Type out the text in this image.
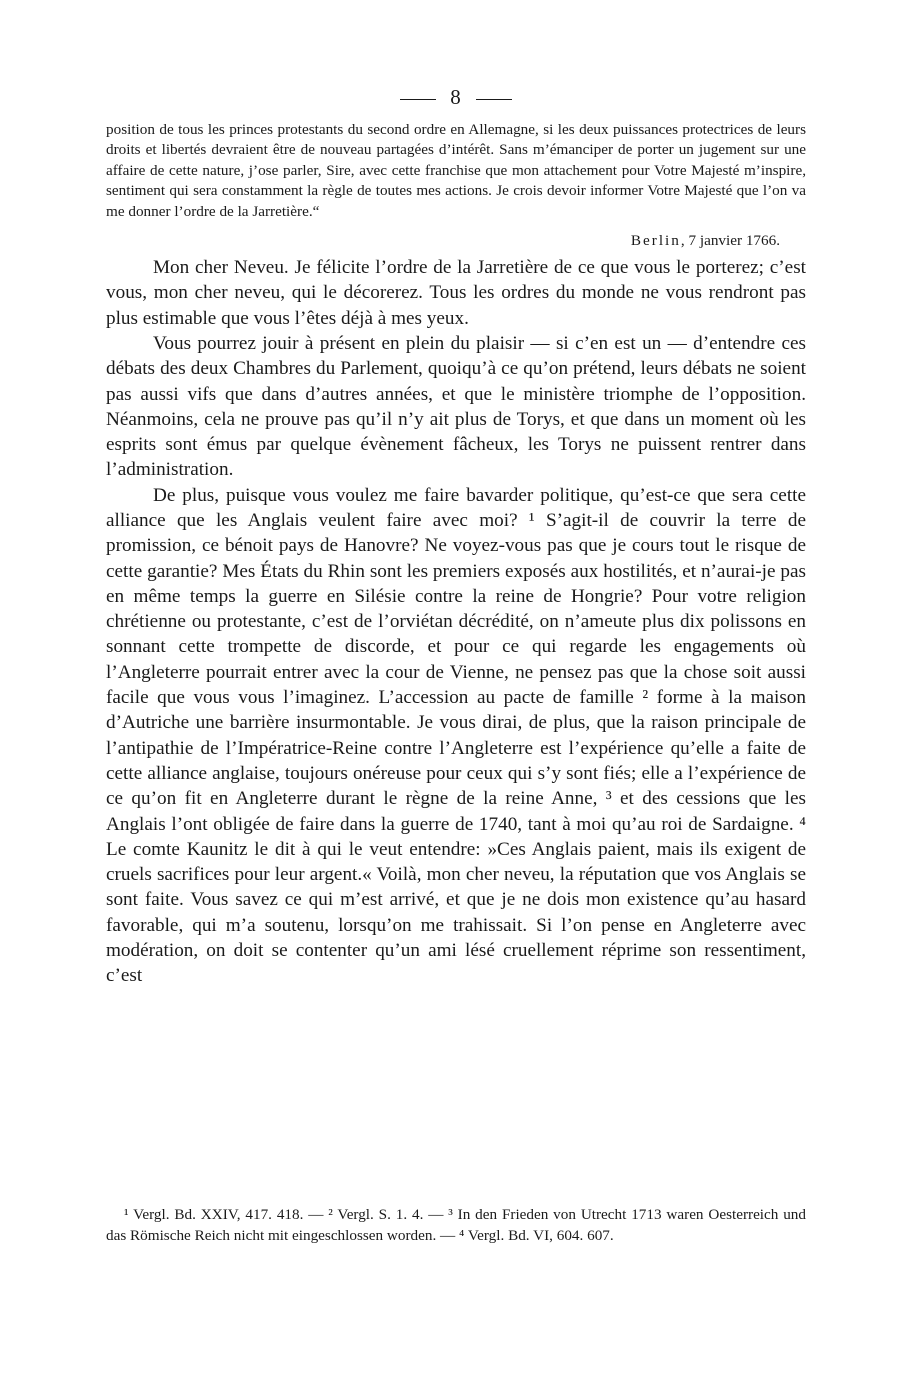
8

position de tous les princes protestants du second ordre en Allemagne, si les deux puissances protectrices de leurs droits et libertés devraient être de nouveau partagées d’intérêt. Sans m’émanciper de porter un jugement sur une affaire de cette nature, j’ose parler, Sire, avec cette franchise que mon attachement pour Votre Majesté m’inspire, sentiment qui sera constamment la règle de toutes mes actions. Je crois devoir informer Votre Majesté que l’on va me donner l’ordre de la Jarretière.“

Berlin, 7 janvier 1766.

Mon cher Neveu. Je félicite l’ordre de la Jarretière de ce que vous le porterez; c’est vous, mon cher neveu, qui le décorerez. Tous les ordres du monde ne vous rendront pas plus estimable que vous l’êtes déjà à mes yeux.

Vous pourrez jouir à présent en plein du plaisir — si c’en est un — d’entendre ces débats des deux Chambres du Parlement, quoiqu’à ce qu’on prétend, leurs débats ne soient pas aussi vifs que dans d’autres années, et que le ministère triomphe de l’opposition. Néanmoins, cela ne prouve pas qu’il n’y ait plus de Torys, et que dans un moment où les esprits sont émus par quelque évènement fâcheux, les Torys ne puissent rentrer dans l’administration.

De plus, puisque vous voulez me faire bavarder politique, qu’est-ce que sera cette alliance que les Anglais veulent faire avec moi? ¹ S’agit-il de couvrir la terre de promission, ce bénoit pays de Hanovre? Ne voyez-vous pas que je cours tout le risque de cette garantie? Mes États du Rhin sont les premiers exposés aux hostilités, et n’aurai-je pas en même temps la guerre en Silésie contre la reine de Hongrie? Pour votre religion chrétienne ou protestante, c’est de l’orviétan décrédité, on n’ameute plus dix polissons en sonnant cette trompette de discorde, et pour ce qui regarde les engagements où l’Angleterre pourrait entrer avec la cour de Vienne, ne pensez pas que la chose soit aussi facile que vous vous l’imaginez. L’accession au pacte de famille ² forme à la maison d’Autriche une barrière insurmontable. Je vous dirai, de plus, que la raison principale de l’antipathie de l’Impératrice-Reine contre l’Angleterre est l’expérience qu’elle a faite de cette alliance anglaise, toujours onéreuse pour ceux qui s’y sont fiés; elle a l’expérience de ce qu’on fit en Angleterre durant le règne de la reine Anne, ³ et des cessions que les Anglais l’ont obligée de faire dans la guerre de 1740, tant à moi qu’au roi de Sardaigne. ⁴ Le comte Kaunitz le dit à qui le veut entendre: »Ces Anglais paient, mais ils exigent de cruels sacrifices pour leur argent.« Voilà, mon cher neveu, la réputation que vos Anglais se sont faite. Vous savez ce qui m’est arrivé, et que je ne dois mon existence qu’au hasard favorable, qui m’a soutenu, lorsqu’on me trahissait. Si l’on pense en Angleterre avec modération, on doit se contenter qu’un ami lésé cruellement réprime son ressentiment, c’est

¹ Vergl. Bd. XXIV, 417. 418. — ² Vergl. S. 1. 4. — ³ In den Frieden von Utrecht 1713 waren Oesterreich und das Römische Reich nicht mit eingeschlossen worden. — ⁴ Vergl. Bd. VI, 604. 607.
